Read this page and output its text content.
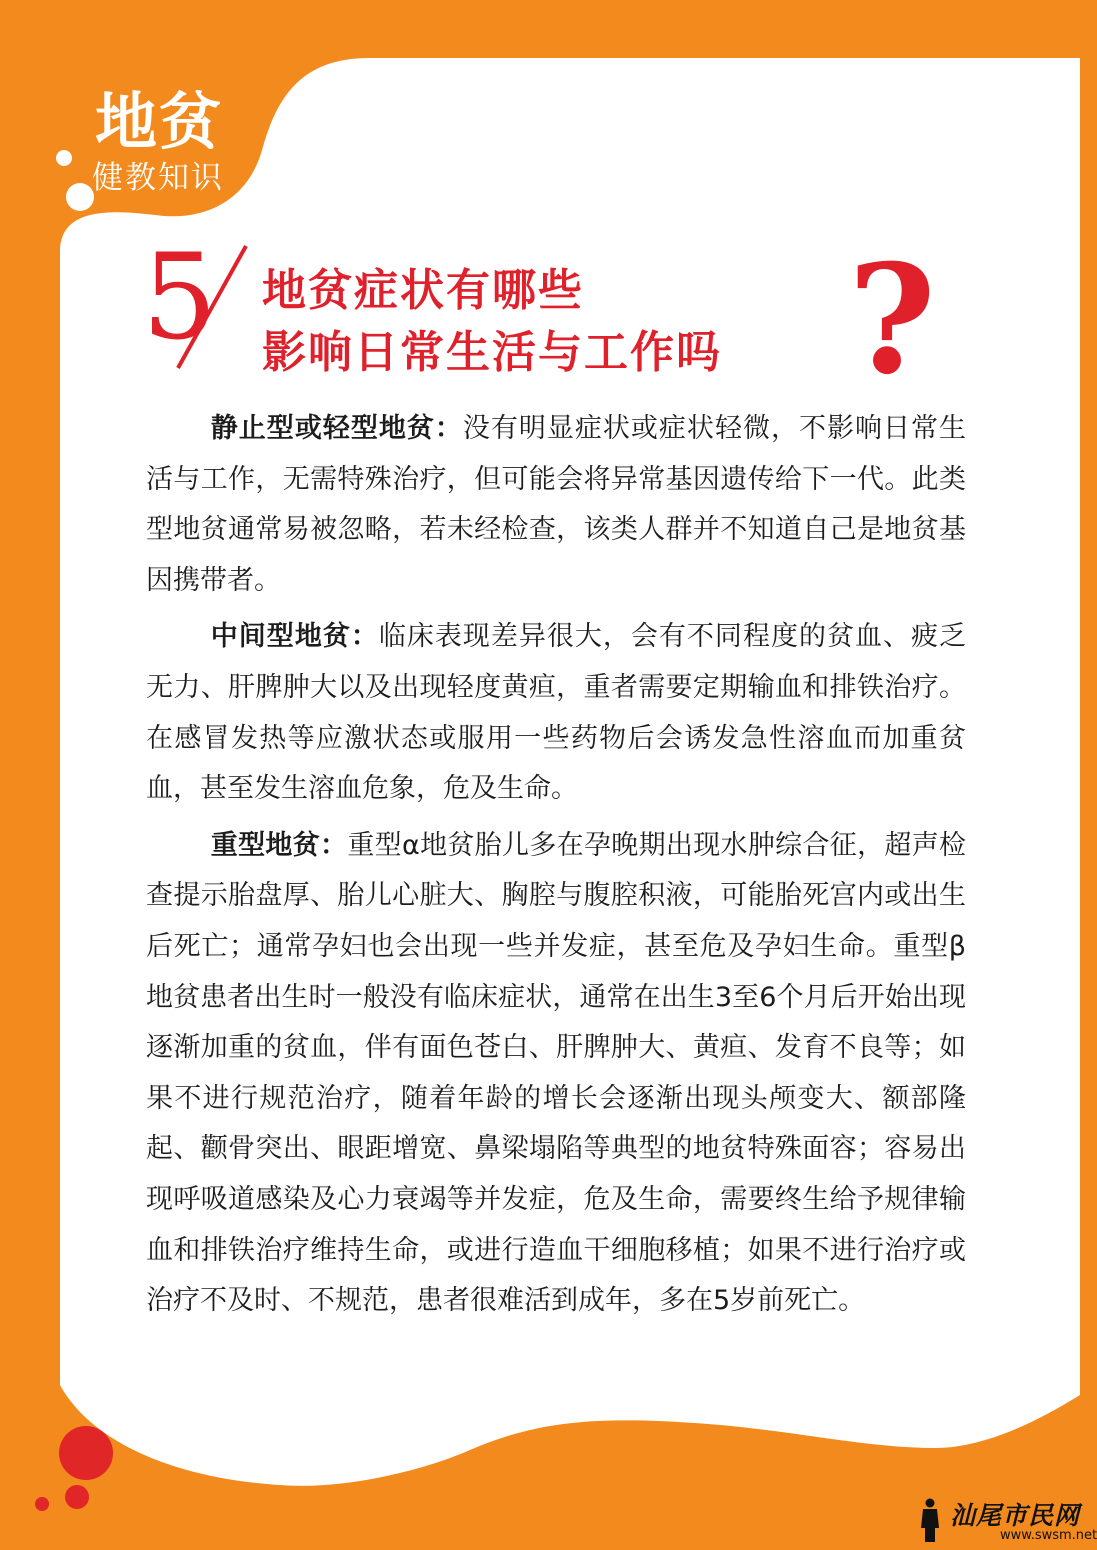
地贫
健教知识
5 地贫症状有哪些
影响日常生活与工作吗 ?

静止型或轻型地贫：没有明显症状或症状轻微，不影响日常生活与工作，无需特殊治疗，但可能会将异常基因遗传给下一代。此类型地贫通常易被忽略，若未经检查，该类人群并不知道自己是地贫基因携带者。

中间型地贫：临床表现差异很大，会有不同程度的贫血、疲乏无力、肝脾肿大以及出现轻度黄疸，重者需要定期输血和排铁治疗。在感冒发热等应激状态或服用一些药物后会诱发急性溶血而加重贫血，甚至发生溶血危象，危及生命。

重型地贫：重型α地贫胎儿多在孕晚期出现水肿综合征，超声检查提示胎盘厚、胎儿心脏大、胸腔与腹腔积液，可能胎死宫内或出生后死亡；通常孕妇也会出现一些并发症，甚至危及孕妇生命。重型β地贫患者出生时一般没有临床症状，通常在出生3至6个月后开始出现逐渐加重的贫血，伴有面色苍白、肝脾肿大、黄疸、发育不良等；如果不进行规范治疗，随着年龄的增长会逐渐出现头颅变大、额部隆起、颧骨突出、眼距增宽、鼻梁塌陷等典型的地贫特殊面容；容易出现呼吸道感染及心力衰竭等并发症，危及生命，需要终生给予规律输血和排铁治疗维持生命，或进行造血干细胞移植；如果不进行治疗或治疗不及时、不规范，患者很难活到成年，多在5岁前死亡。

汕尾市民网
www.swsm.net
